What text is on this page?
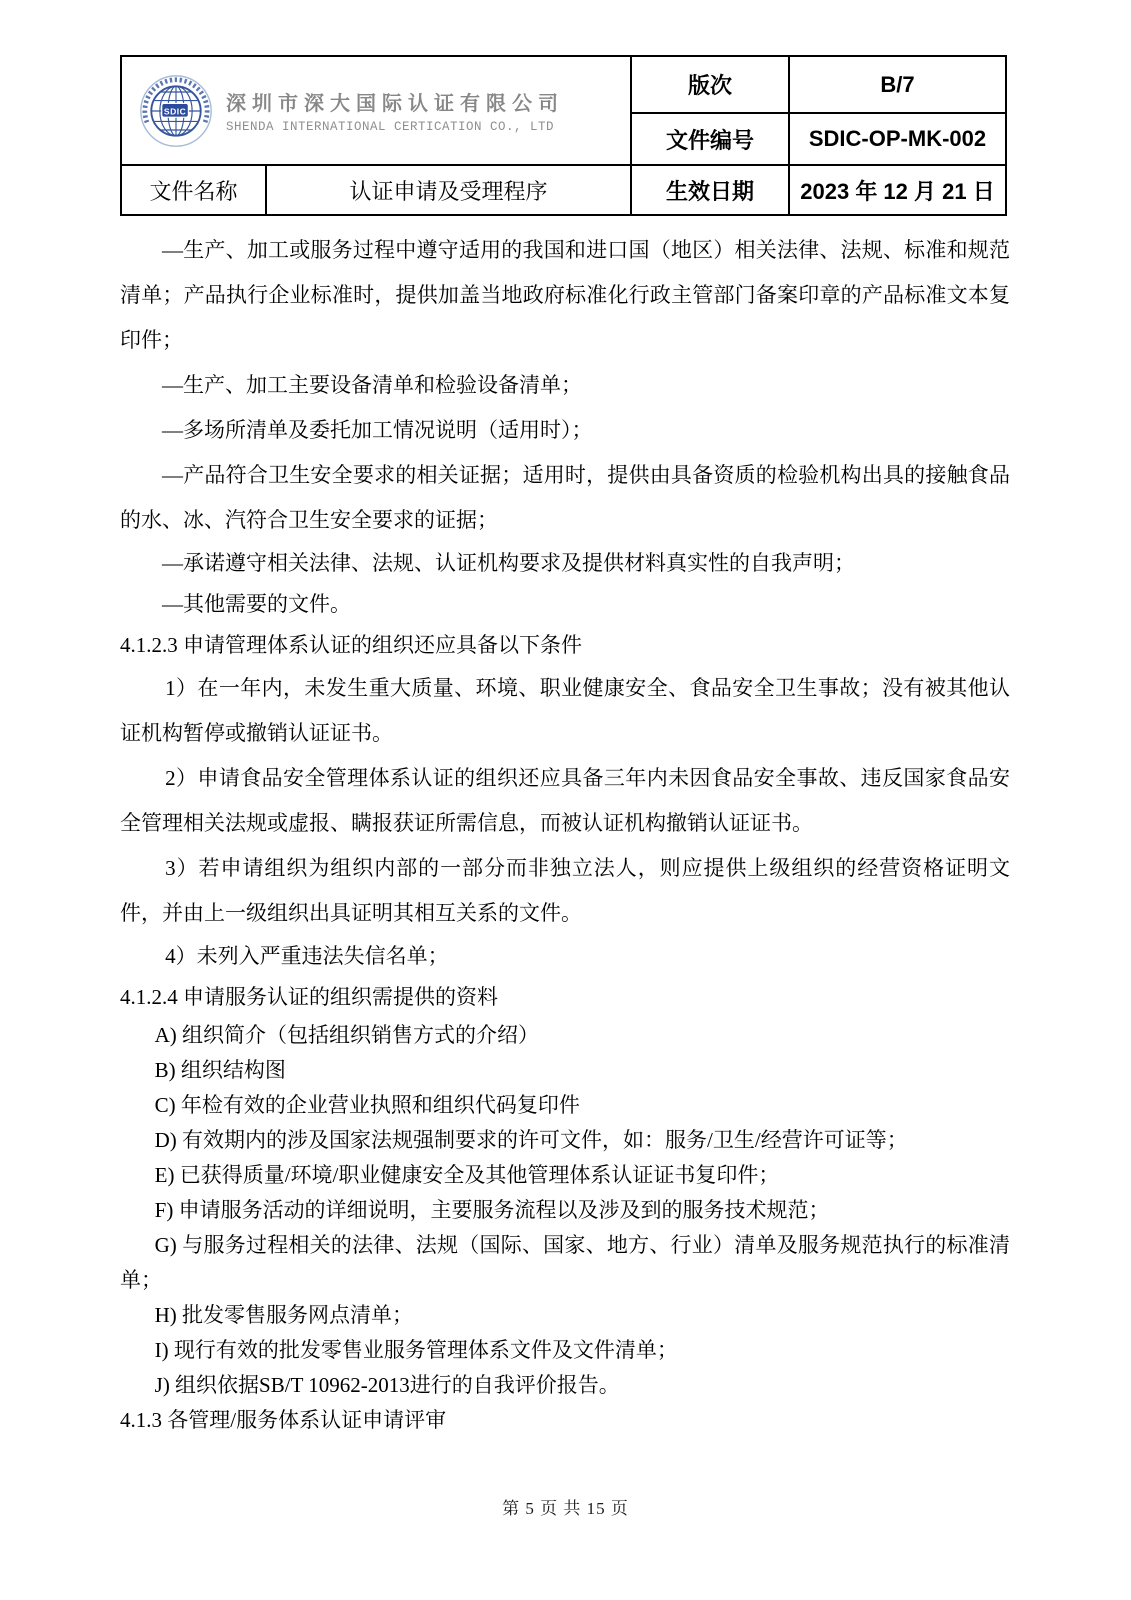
SDIC 深圳市深大国际认证有限公司
SHENDA INTERNATIONAL CERTICATION CO., LTD		版次	B/7
		文件编号	SDIC-OP-MK-002
文件名称	认证申请及受理程序	生效日期	2023 年 12 月 21 日

—生产、加工或服务过程中遵守适用的我国和进口国（地区）相关法律、法规、标准和规范清单；产品执行企业标准时，提供加盖当地政府标准化行政主管部门备案印章的产品标准文本复印件；

—生产、加工主要设备清单和检验设备清单；

—多场所清单及委托加工情况说明（适用时）；

—产品符合卫生安全要求的相关证据；适用时，提供由具备资质的检验机构出具的接触食品的水、冰、汽符合卫生安全要求的证据；

—承诺遵守相关法律、法规、认证机构要求及提供材料真实性的自我声明；

—其他需要的文件。

4.1.2.3 申请管理体系认证的组织还应具备以下条件

1）在一年内，未发生重大质量、环境、职业健康安全、食品安全卫生事故；没有被其他认证机构暂停或撤销认证证书。

2）申请食品安全管理体系认证的组织还应具备三年内未因食品安全事故、违反国家食品安全管理相关法规或虚报、瞒报获证所需信息，而被认证机构撤销认证证书。

3）若申请组织为组织内部的一部分而非独立法人，则应提供上级组织的经营资格证明文件，并由上一级组织出具证明其相互关系的文件。

4）未列入严重违法失信名单；

4.1.2.4 申请服务认证的组织需提供的资料

A) 组织简介（包括组织销售方式的介绍）

B) 组织结构图

C) 年检有效的企业营业执照和组织代码复印件

D) 有效期内的涉及国家法规强制要求的许可文件，如：服务/卫生/经营许可证等；

E) 已获得质量/环境/职业健康安全及其他管理体系认证证书复印件；

F) 申请服务活动的详细说明，主要服务流程以及涉及到的服务技术规范；

G) 与服务过程相关的法律、法规（国际、国家、地方、行业）清单及服务规范执行的标准清单；

H) 批发零售服务网点清单；

I) 现行有效的批发零售业服务管理体系文件及文件清单；

J) 组织依据SB/T 10962-2013进行的自我评价报告。

4.1.3 各管理/服务体系认证申请评审

第 5 页 共 15 页
